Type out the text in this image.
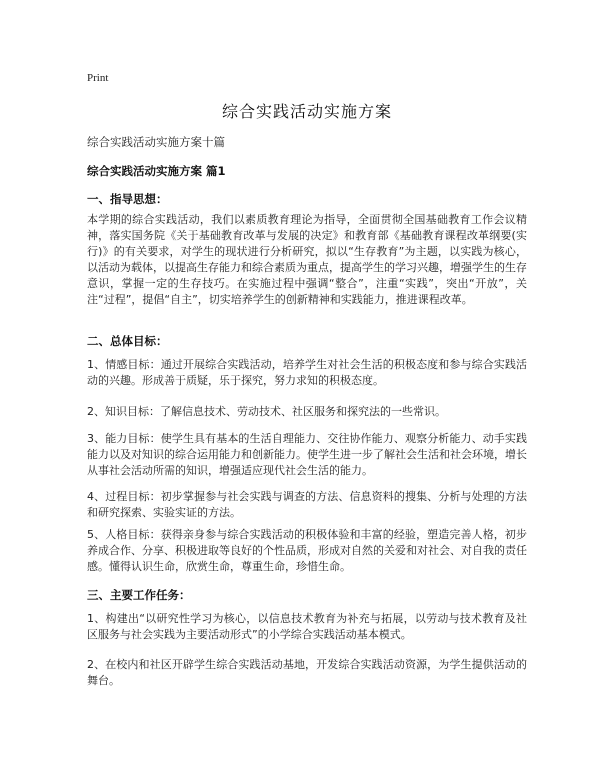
Print
综合实践活动实施方案

综合实践活动实施方案十篇

综合实践活动实施方案 篇1

一、指导思想：

本学期的综合实践活动，我们以素质教育理论为指导，全面贯彻全国基础教育工作会议精神，落实国务院《关于基础教育改革与发展的决定》和教育部《基础教育课程改革纲要(实行)》的有关要求，对学生的现状进行分析研究，拟以“生存教育”为主题，以实践为核心，以活动为载体，以提高生存能力和综合素质为重点，提高学生的学习兴趣，增强学生的生存意识，掌握一定的生存技巧。在实施过程中强调“整合”，注重“实践”，突出“开放”，关注“过程”，提倡“自主”，切实培养学生的创新精神和实践能力，推进课程改革。

二、总体目标：

1、情感目标：通过开展综合实践活动，培养学生对社会生活的积极态度和参与综合实践活动的兴趣。形成善于质疑，乐于探究，努力求知的积极态度。

2、知识目标：了解信息技术、劳动技术、社区服务和探究法的一些常识。

3、能力目标：使学生具有基本的生活自理能力、交往协作能力、观察分析能力、动手实践能力以及对知识的综合运用能力和创新能力。使学生进一步了解社会生活和社会环境，增长从事社会活动所需的知识，增强适应现代社会生活的能力。

4、过程目标：初步掌握参与社会实践与调查的方法、信息资料的搜集、分析与处理的方法和研究探索、实验实证的方法。

5、人格目标：获得亲身参与综合实践活动的积极体验和丰富的经验，塑造完善人格，初步养成合作、分享、积极进取等良好的个性品质，形成对自然的关爱和对社会、对自我的责任感。懂得认识生命，欣赏生命，尊重生命，珍惜生命。

三、主要工作任务：

1、构建出“以研究性学习为核心，以信息技术教育为补充与拓展，以劳动与技术教育及社区服务与社会实践为主要活动形式”的小学综合实践活动基本模式。

2、在校内和社区开辟学生综合实践活动基地，开发综合实践活动资源，为学生提供活动的舞台。
